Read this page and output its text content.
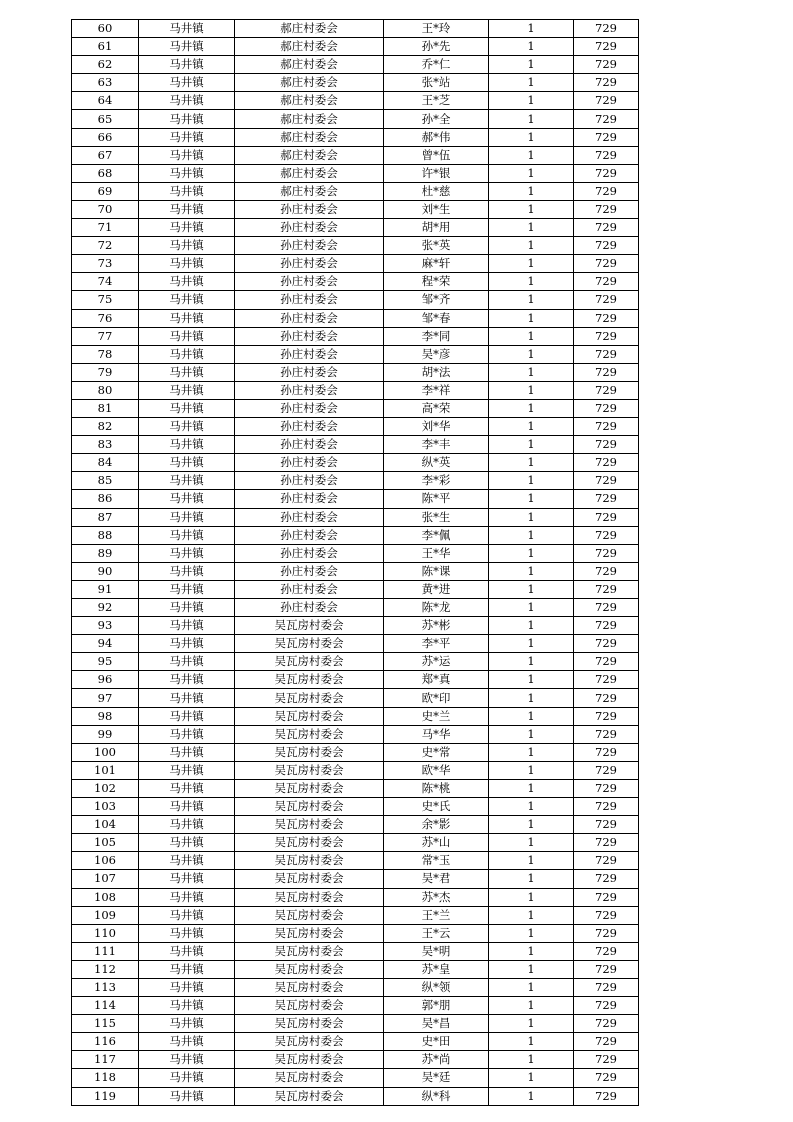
60	马井镇	郝庄村委会	王*玲	1	729
61	马井镇	郝庄村委会	孙*先	1	729
62	马井镇	郝庄村委会	乔*仁	1	729
63	马井镇	郝庄村委会	张*站	1	729
64	马井镇	郝庄村委会	王*芝	1	729
65	马井镇	郝庄村委会	孙*全	1	729
66	马井镇	郝庄村委会	郝*伟	1	729
67	马井镇	郝庄村委会	曾*伍	1	729
68	马井镇	郝庄村委会	许*银	1	729
69	马井镇	郝庄村委会	杜*慈	1	729
70	马井镇	孙庄村委会	刘*生	1	729
71	马井镇	孙庄村委会	胡*用	1	729
72	马井镇	孙庄村委会	张*英	1	729
73	马井镇	孙庄村委会	麻*轩	1	729
74	马井镇	孙庄村委会	程*荣	1	729
75	马井镇	孙庄村委会	邹*齐	1	729
76	马井镇	孙庄村委会	邹*春	1	729
77	马井镇	孙庄村委会	李*同	1	729
78	马井镇	孙庄村委会	吴*彦	1	729
79	马井镇	孙庄村委会	胡*法	1	729
80	马井镇	孙庄村委会	李*祥	1	729
81	马井镇	孙庄村委会	高*荣	1	729
82	马井镇	孙庄村委会	刘*华	1	729
83	马井镇	孙庄村委会	李*丰	1	729
84	马井镇	孙庄村委会	纵*英	1	729
85	马井镇	孙庄村委会	李*彩	1	729
86	马井镇	孙庄村委会	陈*平	1	729
87	马井镇	孙庄村委会	张*生	1	729
88	马井镇	孙庄村委会	李*佩	1	729
89	马井镇	孙庄村委会	王*华	1	729
90	马井镇	孙庄村委会	陈*课	1	729
91	马井镇	孙庄村委会	黄*进	1	729
92	马井镇	孙庄村委会	陈*龙	1	729
93	马井镇	吴瓦房村委会	苏*彬	1	729
94	马井镇	吴瓦房村委会	李*平	1	729
95	马井镇	吴瓦房村委会	苏*运	1	729
96	马井镇	吴瓦房村委会	郑*真	1	729
97	马井镇	吴瓦房村委会	欧*印	1	729
98	马井镇	吴瓦房村委会	史*兰	1	729
99	马井镇	吴瓦房村委会	马*华	1	729
100	马井镇	吴瓦房村委会	史*常	1	729
101	马井镇	吴瓦房村委会	欧*华	1	729
102	马井镇	吴瓦房村委会	陈*桃	1	729
103	马井镇	吴瓦房村委会	史*氏	1	729
104	马井镇	吴瓦房村委会	余*影	1	729
105	马井镇	吴瓦房村委会	苏*山	1	729
106	马井镇	吴瓦房村委会	常*玉	1	729
107	马井镇	吴瓦房村委会	吴*君	1	729
108	马井镇	吴瓦房村委会	苏*杰	1	729
109	马井镇	吴瓦房村委会	王*兰	1	729
110	马井镇	吴瓦房村委会	王*云	1	729
111	马井镇	吴瓦房村委会	吴*明	1	729
112	马井镇	吴瓦房村委会	苏*皇	1	729
113	马井镇	吴瓦房村委会	纵*领	1	729
114	马井镇	吴瓦房村委会	郭*朋	1	729
115	马井镇	吴瓦房村委会	吴*昌	1	729
116	马井镇	吴瓦房村委会	史*田	1	729
117	马井镇	吴瓦房村委会	苏*尚	1	729
118	马井镇	吴瓦房村委会	吴*廷	1	729
119	马井镇	吴瓦房村委会	纵*科	1	729
